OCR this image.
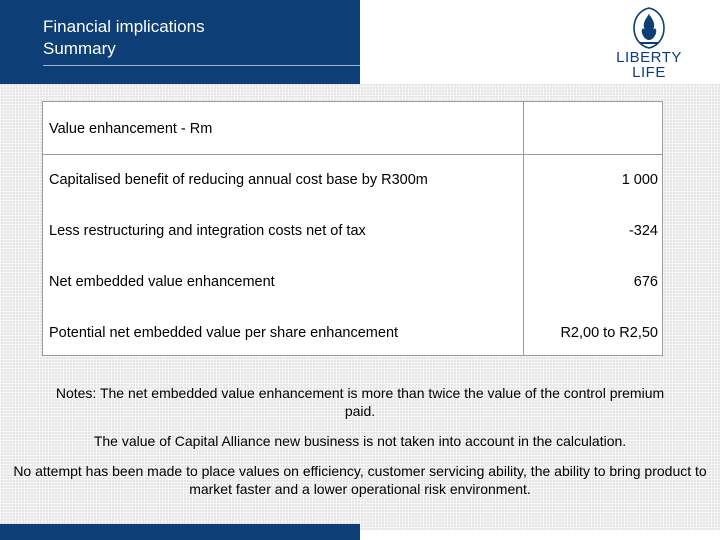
Financial implications
Summary	LIBERTY
LIFE
Value enhancement - Rm
Capitalised benefit of reducing annual cost base by R300m	1 000
Less restructuring and integration costs net of tax	-324
Net embedded value enhancement	676
Potential net embedded value per share enhancement	R2,00 to R2,50
Notes: The net embedded value enhancement is more than twice the value of the control premium paid.
The value of Capital Alliance new business is not taken into account in the calculation.
No attempt has been made to place values on efficiency, customer servicing ability, the ability to bring product to market faster and a lower operational risk environment.
